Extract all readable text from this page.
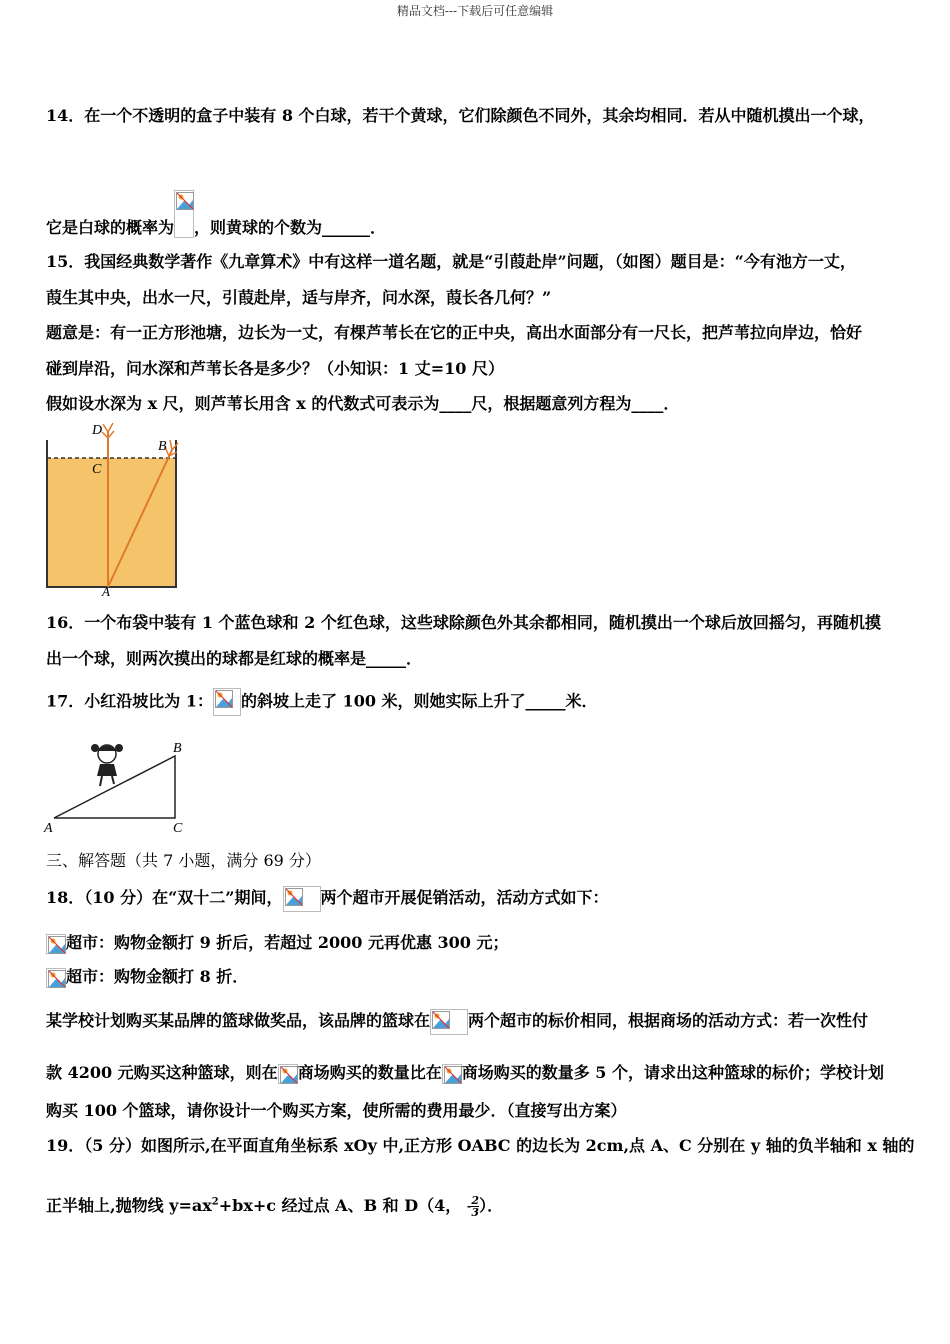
精品文档---下载后可任意编辑
14．在一个不透明的盒子中装有 8 个白球，若干个黄球，它们除颜色不同外，其余均相同．若从中随机摸出一个球，
它是白球的概率为 ，则黄球的个数为______．
15．我国经典数学著作《九章算术》中有这样一道名题，就是“引葭赴岸”问题，（如图）题目是：“今有池方一丈，
葭生其中央，出水一尺，引葭赴岸，适与岸齐，问水深，葭长各几何？”
题意是：有一正方形池塘，边长为一丈，有棵芦苇长在它的正中央，高出水面部分有一尺长，把芦苇拉向岸边，恰好
碰到岸沿，问水深和芦苇长各是多少？（小知识：1 丈=10 尺）
假如设水深为 x 尺，则芦苇长用含 x 的代数式可表示为____尺，根据题意列方程为____．
D
C
B
A
16．一个布袋中装有 1 个蓝色球和 2 个红色球，这些球除颜色外其余都相同，随机摸出一个球后放回摇匀，再随机摸
出一个球，则两次摸出的球都是红球的概率是_____．
17．小红沿坡比为 1： 的斜坡上走了 100 米，则她实际上升了_____米．
A
B
C
三、解答题（共 7 小题，满分 69 分）
18．（10 分）在“双十二”期间， 两个超市开展促销活动，活动方式如下：
超市：购物金额打 9 折后，若超过 2000 元再优惠 300 元；
超市：购物金额打 8 折．
某学校计划购买某品牌的篮球做奖品，该品牌的篮球在 两个超市的标价相同，根据商场的活动方式：若一次性付
款 4200 元购买这种篮球，则在 商场购买的数量比在 商场购买的数量多 5 个，请求出这种篮球的标价；学校计划
购买 100 个篮球，请你设计一个购买方案，使所需的费用最少．（直接写出方案）
19．（5 分）如图所示,在平面直角坐标系 xOy 中,正方形 OABC 的边长为 2cm,点 A、C 分别在 y 轴的负半轴和 x 轴的
正半轴上,抛物线 $y=ax^2+bx+c$ 经过点 A、B 和 D（4， - $\frac{2}{3}$）．
